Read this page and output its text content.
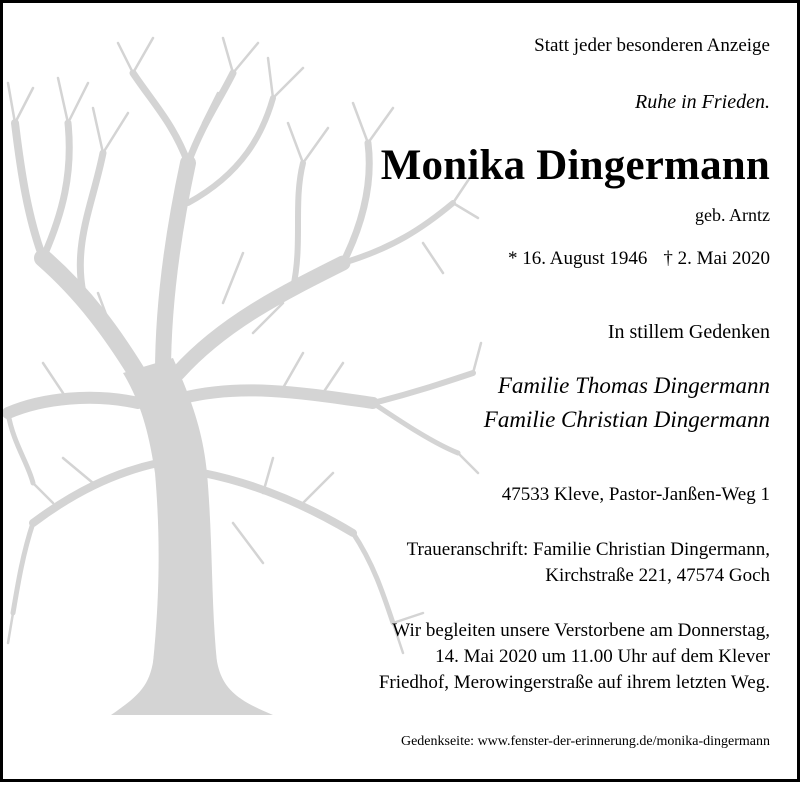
Statt jeder besonderen Anzeige
Ruhe in Frieden.
Monika Dingermann
geb. Arntz
* 16. August 1946 † 2. Mai 2020
In stillem Gedenken
Familie Thomas Dingermann
Familie Christian Dingermann
47533 Kleve, Pastor-Janßen-Weg 1
Traueranschrift: Familie Christian Dingermann,
Kirchstraße 221, 47574 Goch
Wir begleiten unsere Verstorbene am Donnerstag,
14. Mai 2020 um 11.00 Uhr auf dem Klever
Friedhof, Merowingerstraße auf ihrem letzten Weg.
Gedenkseite: www.fenster-der-erinnerung.de/monika-dingermann
